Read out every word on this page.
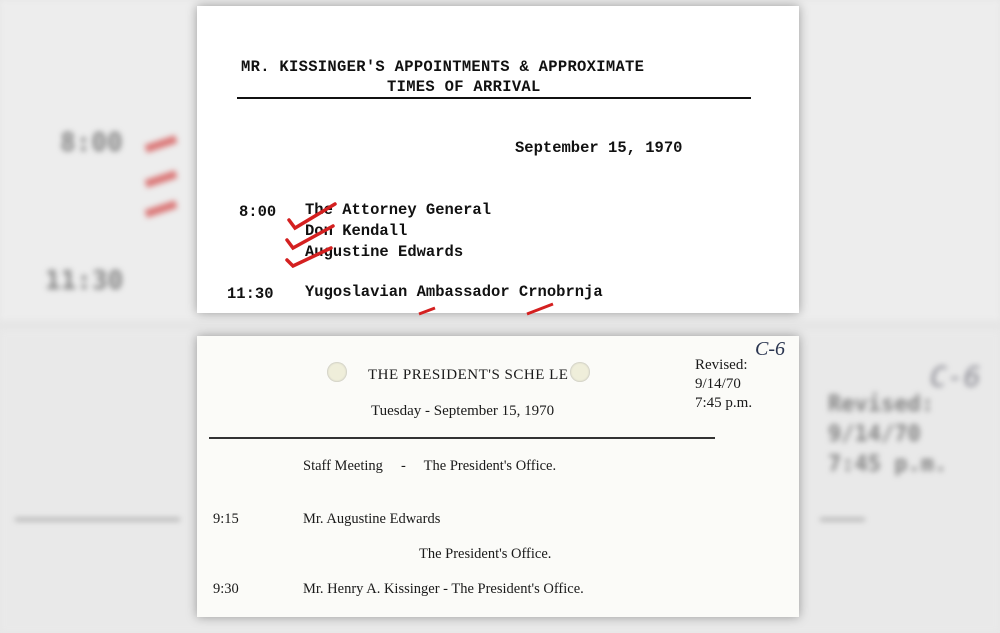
8:00
11:30
Revised:
9/14/70
7:45 p.m.
C-6
MR. KISSINGER'S APPOINTMENTS & APPROXIMATE
TIMES OF ARRIVAL
September 15, 1970
8:00 The Attorney General
Don Kendall
Augustine Edwards
11:30 Yugoslavian Ambassador Crnobrnja
THE PRESIDENT'S SCHE LE
Tuesday - September 15, 1970
Revised:
9/14/70
7:45 p.m.
C-6
Staff Meeting     -     The President's Office.
9:15	Mr. Augustine Edwards
The President's Office.
9:30	Mr. Henry A. Kissinger - The President's Office.
